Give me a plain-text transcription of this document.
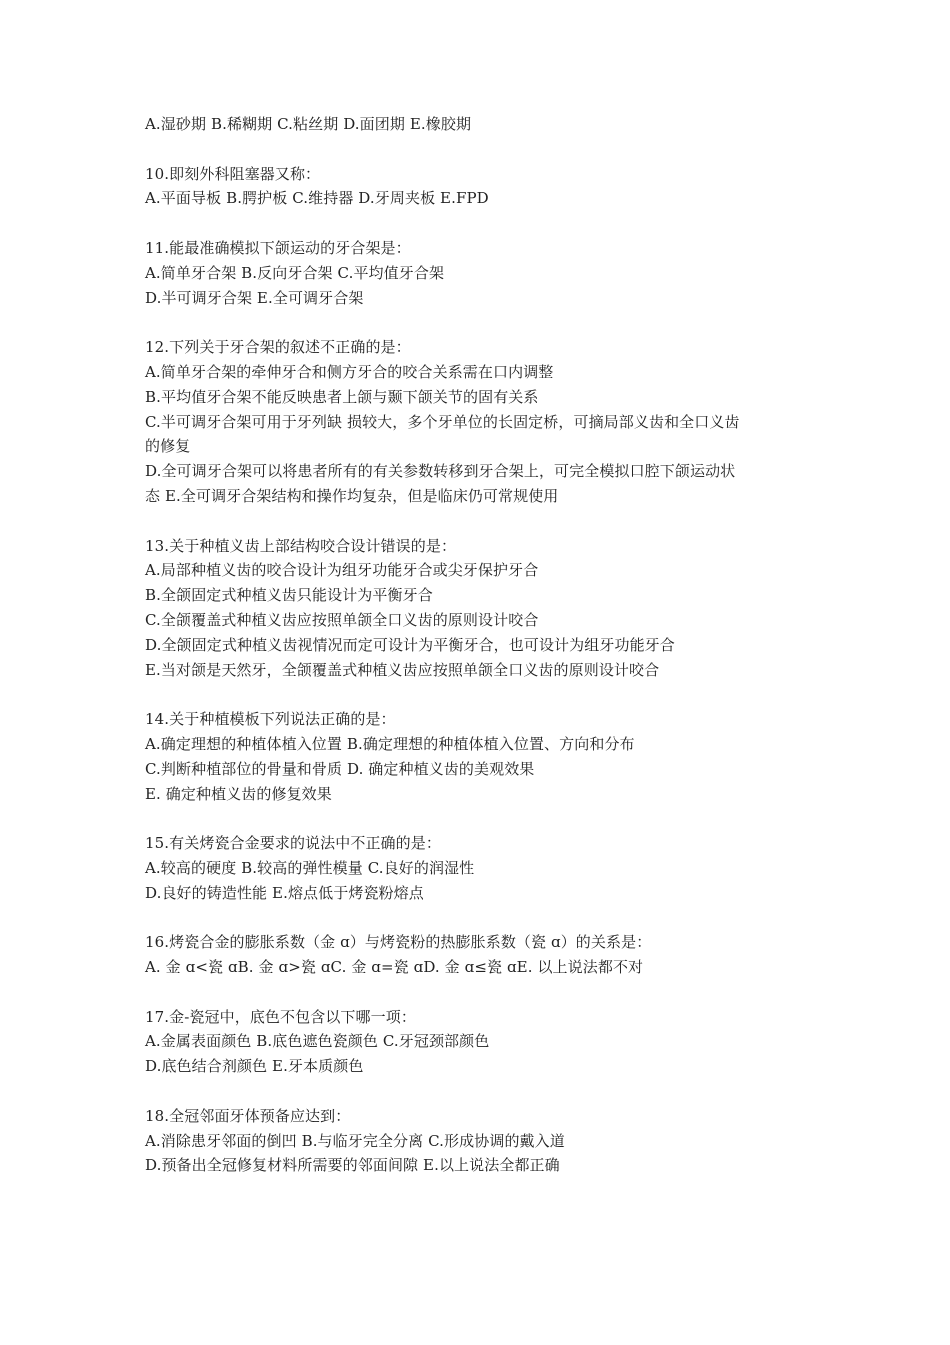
A.湿砂期 B.稀糊期 C.粘丝期 D.面团期 E.橡胶期
10.即刻外科阻塞器又称：
A.平面导板 B.腭护板 C.维持器 D.牙周夹板 E.FPD
11.能最准确模拟下颌运动的牙合架是：
A.简单牙合架 B.反向牙合架 C.平均值牙合架
D.半可调牙合架 E.全可调牙合架
12.下列关于牙合架的叙述不正确的是：
A.简单牙合架的牵伸牙合和侧方牙合的咬合关系需在口内调整
B.平均值牙合架不能反映患者上颌与颞下颌关节的固有关系
C.半可调牙合架可用于牙列缺 损较大，多个牙单位的长固定桥，可摘局部义齿和全口义齿
的修复
D.全可调牙合架可以将患者所有的有关参数转移到牙合架上，可完全模拟口腔下颌运动状
态 E.全可调牙合架结构和操作均复杂，但是临床仍可常规使用
13.关于种植义齿上部结构咬合设计错误的是：
A.局部种植义齿的咬合设计为组牙功能牙合或尖牙保护牙合
B.全颌固定式种植义齿只能设计为平衡牙合
C.全颌覆盖式种植义齿应按照单颌全口义齿的原则设计咬合
D.全颌固定式种植义齿视情况而定可设计为平衡牙合，也可设计为组牙功能牙合
E.当对颌是天然牙，全颌覆盖式种植义齿应按照单颌全口义齿的原则设计咬合
14.关于种植模板下列说法正确的是：
A.确定理想的种植体植入位置 B.确定理想的种植体植入位置、方向和分布
C.判断种植部位的骨量和骨质 D. 确定种植义齿的美观效果
E. 确定种植义齿的修复效果
15.有关烤瓷合金要求的说法中不正确的是：
A.较高的硬度 B.较高的弹性模量 C.良好的润湿性
D.良好的铸造性能 E.熔点低于烤瓷粉熔点
16.烤瓷合金的膨胀系数（金 ɑ）与烤瓷粉的热膨胀系数（瓷 ɑ）的关系是：
A. 金 ɑ<瓷 ɑB. 金 ɑ>瓷 ɑC. 金 ɑ=瓷 ɑD. 金 ɑ≤瓷 ɑE. 以上说法都不对
17.金-瓷冠中，底色不包含以下哪一项：
A.金属表面颜色 B.底色遮色瓷颜色 C.牙冠颈部颜色
D.底色结合剂颜色 E.牙本质颜色
18.全冠邻面牙体预备应达到：
A.消除患牙邻面的倒凹 B.与临牙完全分离 C.形成协调的戴入道
D.预备出全冠修复材料所需要的邻面间隙 E.以上说法全都正确
